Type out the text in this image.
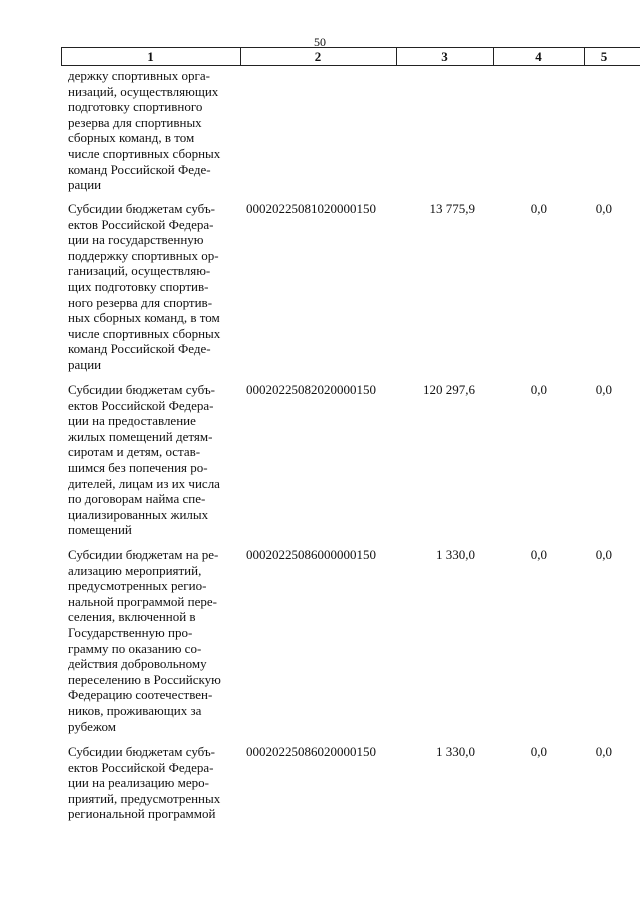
50
1	2	3	4	5
держку спортивных орга-
низаций, осуществляющих
подготовку спортивного
резерва для спортивных
сборных команд, в том
числе спортивных сборных
команд Российской Феде-
рации
Субсидии бюджетам субъ-
ектов Российской Федера-
ции на государственную
поддержку спортивных ор-
ганизаций, осуществляю-
щих подготовку спортив-
ного резерва для спортив-
ных сборных команд, в том
числе спортивных сборных
команд Российской Феде-
рации
00020225081020000150	13 775,9	0,0	0,0
Субсидии бюджетам субъ-
ектов Российской Федера-
ции на предоставление
жилых помещений детям-
сиротам и детям, остав-
шимся без попечения ро-
дителей, лицам из их числа
по договорам найма спе-
циализированных жилых
помещений
00020225082020000150	120 297,6	0,0	0,0
Субсидии бюджетам на ре-
ализацию мероприятий,
предусмотренных регио-
нальной программой пере-
селения, включенной в
Государственную про-
грамму по оказанию со-
действия добровольному
переселению в Российскую
Федерацию соотечествен-
ников, проживающих за
рубежом
00020225086000000150	1 330,0	0,0	0,0
Субсидии бюджетам субъ-
ектов Российской Федера-
ции на реализацию меро-
приятий, предусмотренных
региональной программой
00020225086020000150	1 330,0	0,0	0,0
